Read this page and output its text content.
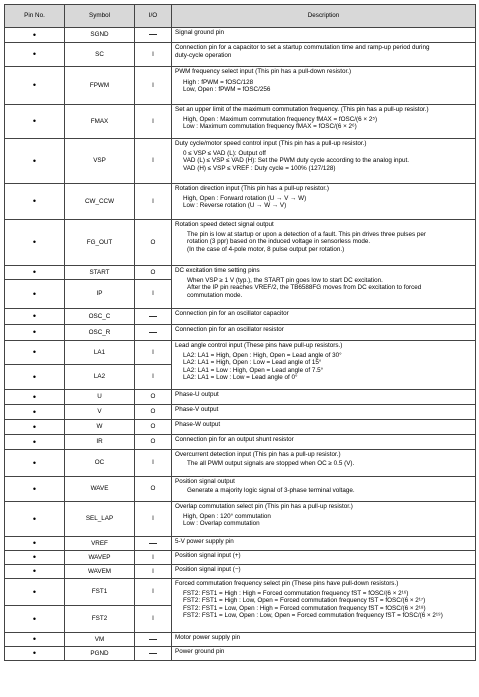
Pin No.	Symbol	I/O	Description
•	SGND	—	Signal ground pin

•	SC	I	Connection pin for a capacitor to set a startup commutation time and ramp-up period during
duty-cycle operation

•	FPWM	I	PWM frequency select input (This pin has a pull-down resistor.)
High : fPWM = fOSC/128
Low, Open : fPWM = fOSC/256

•	FMAX	I	Set an upper limit of the maximum commutation frequency. (This pin has a pull-up resistor.)
High, Open : Maximum commutation frequency fMAX = fOSC/(6 × 2⁵)
Low : Maximum commutation frequency fMAX = fOSC/(6 × 2⁶)

•	VSP	I	Duty cycle/motor speed control input (This pin has a pull-up resistor.)
0 ≤ VSP ≤ VAD (L): Output off
VAD (L) ≤ VSP ≤ VAD (H): Set the PWM duty cycle according to the analog input.
VAD (H) ≤ VSP ≤ VREF : Duty cycle = 100% (127/128)

•	CW_CCW	I	Rotation direction input (This pin has a pull-up resistor.)
High, Open : Forward rotation (U → V → W)
Low : Reverse rotation (U → W → V)

•	FG_OUT	O	Rotation speed detect signal output
The pin is low at startup or upon a detection of a fault. This pin drives three pulses per
rotation (3 ppr) based on the induced voltage in sensorless mode.
(In the case of 4-pole motor, 8 pulse output per rotation.)

•	START	O	DC excitation time setting pins
When VSP ≥ 1 V (typ.), the START pin goes low to start DC excitation.
After the IP pin reaches VREF/2, the TB6588FG moves from DC excitation to forced
commutation mode.

•	IP	I	
•	OSC_C	—	Connection pin for an oscillator capacitor

•	OSC_R	—	Connection pin for an oscillator resistor

•	LA1	I	Lead angle control input (These pins have pull-up resistors.)
LA2: LA1 = High, Open : High, Open = Lead angle of 30°
LA2: LA1 = High, Open : Low = Lead angle of 15°
LA2: LA1 = Low : High, Open = Lead angle of 7.5°
LA2: LA1 = Low : Low = Lead angle of 0°

•	LA2	I	
•	U	O	Phase-U output

•	V	O	Phase-V output

•	W	O	Phase-W output

•	IR	O	Connection pin for an output shunt resistor

•	OC	I	Overcurrent detection input (This pin has a pull-up resistor.)
The all PWM output signals are stopped when OC ≥ 0.5 (V).

•	WAVE	O	Position signal output
Generate a majority logic signal of 3-phase terminal voltage.

•	SEL_LAP	I	Overlap commutation select pin (This pin has a pull-up resistor.)
High, Open : 120° commutation
Low : Overlap commutation

•	VREF	—	5-V power supply pin

•	WAVEP	I	Position signal input (+)

•	WAVEM	I	Position signal input (−)

•	FST1	I	Forced commutation frequency select pin (These pins have pull-down resistors.)
FST2: FST1 = High : High = Forced commutation frequency fST = fOSC/(6 × 2¹⁶)
FST2: FST1 = High : Low, Open = Forced commutation frequency fST = fOSC/(6 × 2¹⁷)
FST2: FST1 = Low, Open : High = Forced commutation frequency fST = fOSC/(6 × 2¹⁸)
FST2: FST1 = Low, Open : Low, Open = Forced commutation frequency fST = fOSC/(6 × 2¹⁹)

•	FST2	I	
•	VM	—	Motor power supply pin

•	PGND	—	Power ground pin
